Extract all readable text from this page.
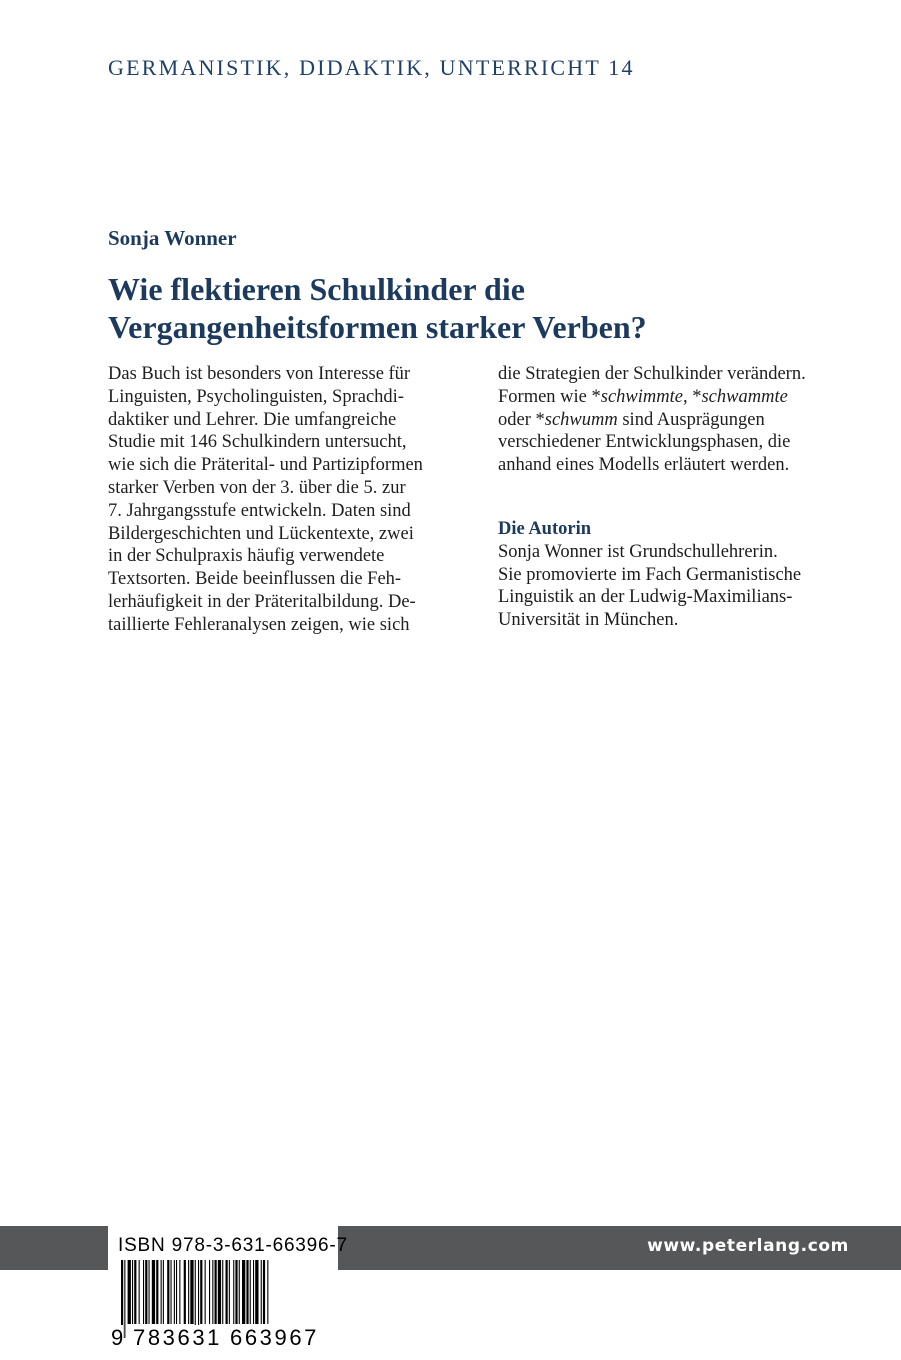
GERMANISTIK, DIDAKTIK, UNTERRICHT 14
Sonja Wonner
Wie flektieren Schulkinder die
Vergangenheitsformen starker Verben?
Das Buch ist besonders von Interesse für
Linguisten, Psycholinguisten, Sprachdi-
daktiker und Lehrer. Die umfangreiche
Studie mit 146 Schulkindern untersucht,
wie sich die Präterital- und Partizipformen
starker Verben von der 3. über die 5. zur
7. Jahrgangsstufe entwickeln. Daten sind
Bildergeschichten und Lückentexte, zwei
in der Schulpraxis häufig verwendete
Textsorten. Beide beeinflussen die Feh-
lerhäufigkeit in der Präteritalbildung. De-
taillierte Fehleranalysen zeigen, wie sich
die Strategien der Schulkinder verändern.
Formen wie *schwimmte, *schwammte
oder *schwumm sind Ausprägungen
verschiedener Entwicklungsphasen, die
anhand eines Modells erläutert werden.
Die Autorin
Sonja Wonner ist Grundschullehrerin.
Sie promovierte im Fach Germanistische
Linguistik an der Ludwig-Maximilians-
Universität in München.
www.peterlang.com
ISBN 978-3-631-66396-7
9 783631 663967
